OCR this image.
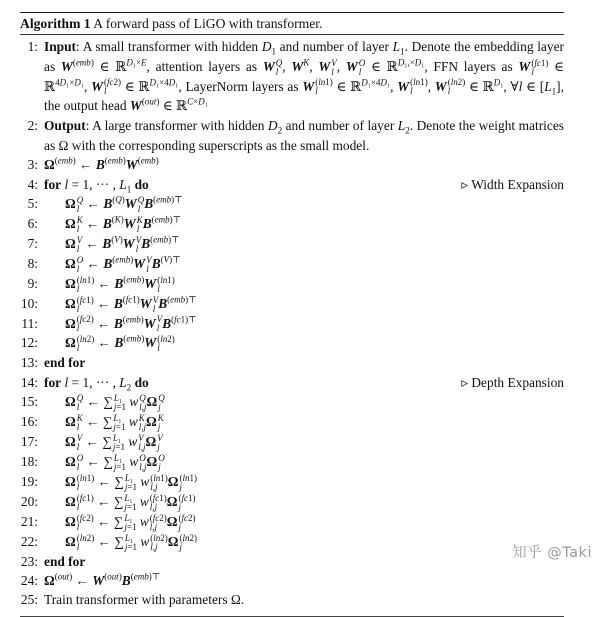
Algorithm 1 A forward pass of LiGO with transformer.
1: Input: A small transformer with hidden $D_1$ and number of layer $L_1$. Denote the embedding layer as $W^{(emb)}$ ∈ ℝ$^{D_1\times E}$, attention layers as W Q
l , $W^K$, W V
l , W O
l ∈ ℝ$^{D_1,\times D_1}$, FFN layers as W (fc1)
l	∈ ℝ$^{4D_1\times D_1}$, W (fc2)
l	∈ ℝ$^{D_1\times 4D_1}$, LayerNorm layers as W (ln1)
l	∈ ℝ$^{D_1\times 4D_1}$, W (ln1)
l	, W (ln2)
l	∈ ℝ$^{D_1}$, ∀l ∈ $[L_1]$, the output head $W^{(out)}$ ∈ ℝ$^{C\times D_1}$
2: Output: A large transformer with hidden $D_2$ and number of layer $L_2$. Denote the weight matrices as Ω with the corresponding superscripts as the small model.
3: $\Omega^{(emb)}$ ← $B^{(emb)}W^{(emb)}$
4: for l = 1, ··· , $L_1$ do	▹ Width Expansion
5: Ω Q
l ← $B^{(Q)}W$ Q
l $B^{(emb)⊤}$
6: Ω K
l ← $B^{(K)}W$ K
l $B^{(emb)⊤}$
7: Ω V
l ← $B^{(V)}W$ V
l $B^{(emb)⊤}$
8: Ω O
l ← $B^{(emb)}W$ V
l $B^{(V)⊤}$
9: Ω (ln1)
l	← $B^{(emb)}W$ (ln1)
l
10: Ω (fc1)
l	← $B^{(fc1)}W$ V
l $B^{(emb)⊤}$
11: Ω (fc2)
l	← $B^{(emb)}W$ V
l $B^{(fc1)⊤}$
12: Ω (ln2)
l	← $B^{(emb)}W$ (ln2)
l
13: end for
14: for l = 1, ··· , $L_2$ do	▹ Depth Expansion
15: Ω Q
l ← ∑ L₁
j=1 w Q
l,j Ω Q
j
16: Ω K
l ← ∑ L₁
j=1 w K
l,j Ω K
j
17: Ω V
l ← ∑ L₁
j=1 w V
l,j Ω V
j
18: Ω O
l ← ∑ L₁
j=1 w O
l,j Ω O
j
19: Ω (ln1)
l	← ∑ L₁
j=1 w (ln1)
l,j Ω (ln1)
j
20: Ω (fc1)
l	← ∑ L₁
j=1 w (fc1)
l,j Ω (fc1)
j
21: Ω (fc2)
l	← ∑ L₁
j=1 w (fc2)
l,j Ω (fc2)
j
22: Ω (ln2)
l	← ∑ L₁
j=1 w (ln2)
l,j Ω (ln2)
j
23: end for
24: $\Omega^{(out)}$ ← $W^{(out)}B^{(emb)⊤}$
25: Train transformer with parameters Ω.
知乎 @Taki
